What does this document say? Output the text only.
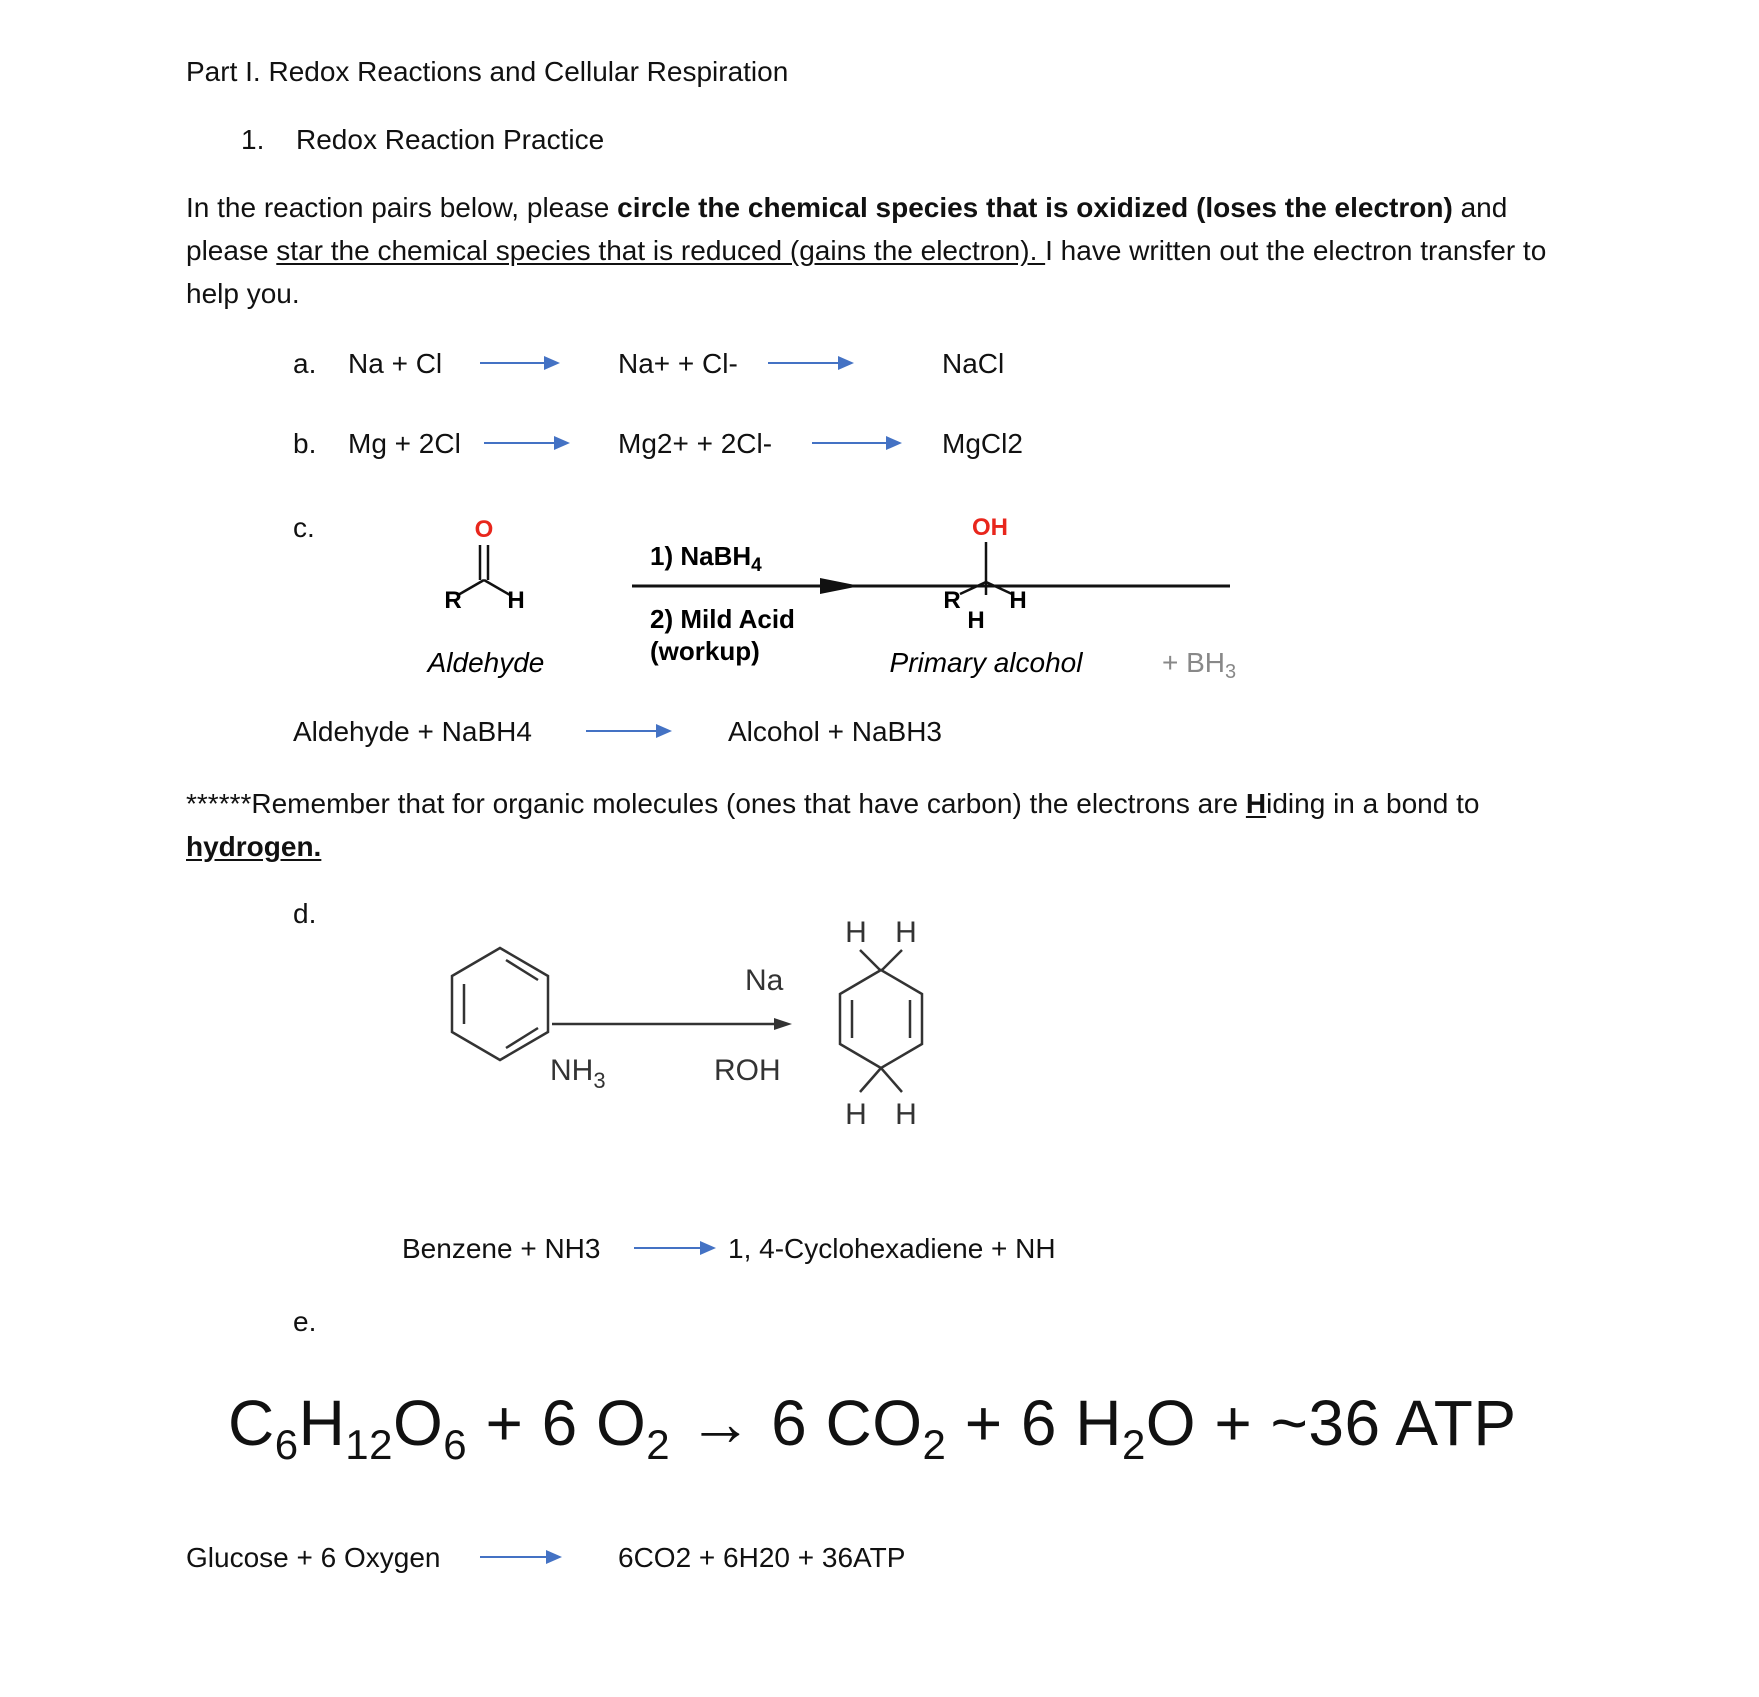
Part I. Redox Reactions and Cellular Respiration
1. Redox Reaction Practice
In the reaction pairs below, please circle the chemical species that is oxidized (loses the electron) and please star the chemical species that is reduced (gains the electron). I have written out the electron transfer to help you.
a. Na + Cl	Na+ + Cl-	NaCl
b. Mg + 2Cl	Mg2+ + 2Cl-	MgCl2
c.	O
R H
Aldehyde
1) NaBH$_4$
2) Mild Acid
(workup)
OH
R H
H
Primary alcohol	+ $BH_3$
Aldehyde + NaBH4	Alcohol + NaBH3
******Remember that for organic molecules (ones that have carbon) the electrons are Hiding in a bond to hydrogen.
d.
Na
$NH_3$	ROH
H H
H H
Benzene + NH3	1, 4-Cyclohexadiene + NH
e.
$C_6H_{12}O_6 + 6$ $O_2 \to 6$ $CO_2 + 6$ $H_2O$ + ~36 ATP
Glucose + 6 Oxygen	6CO2 + 6H20 + 36ATP
